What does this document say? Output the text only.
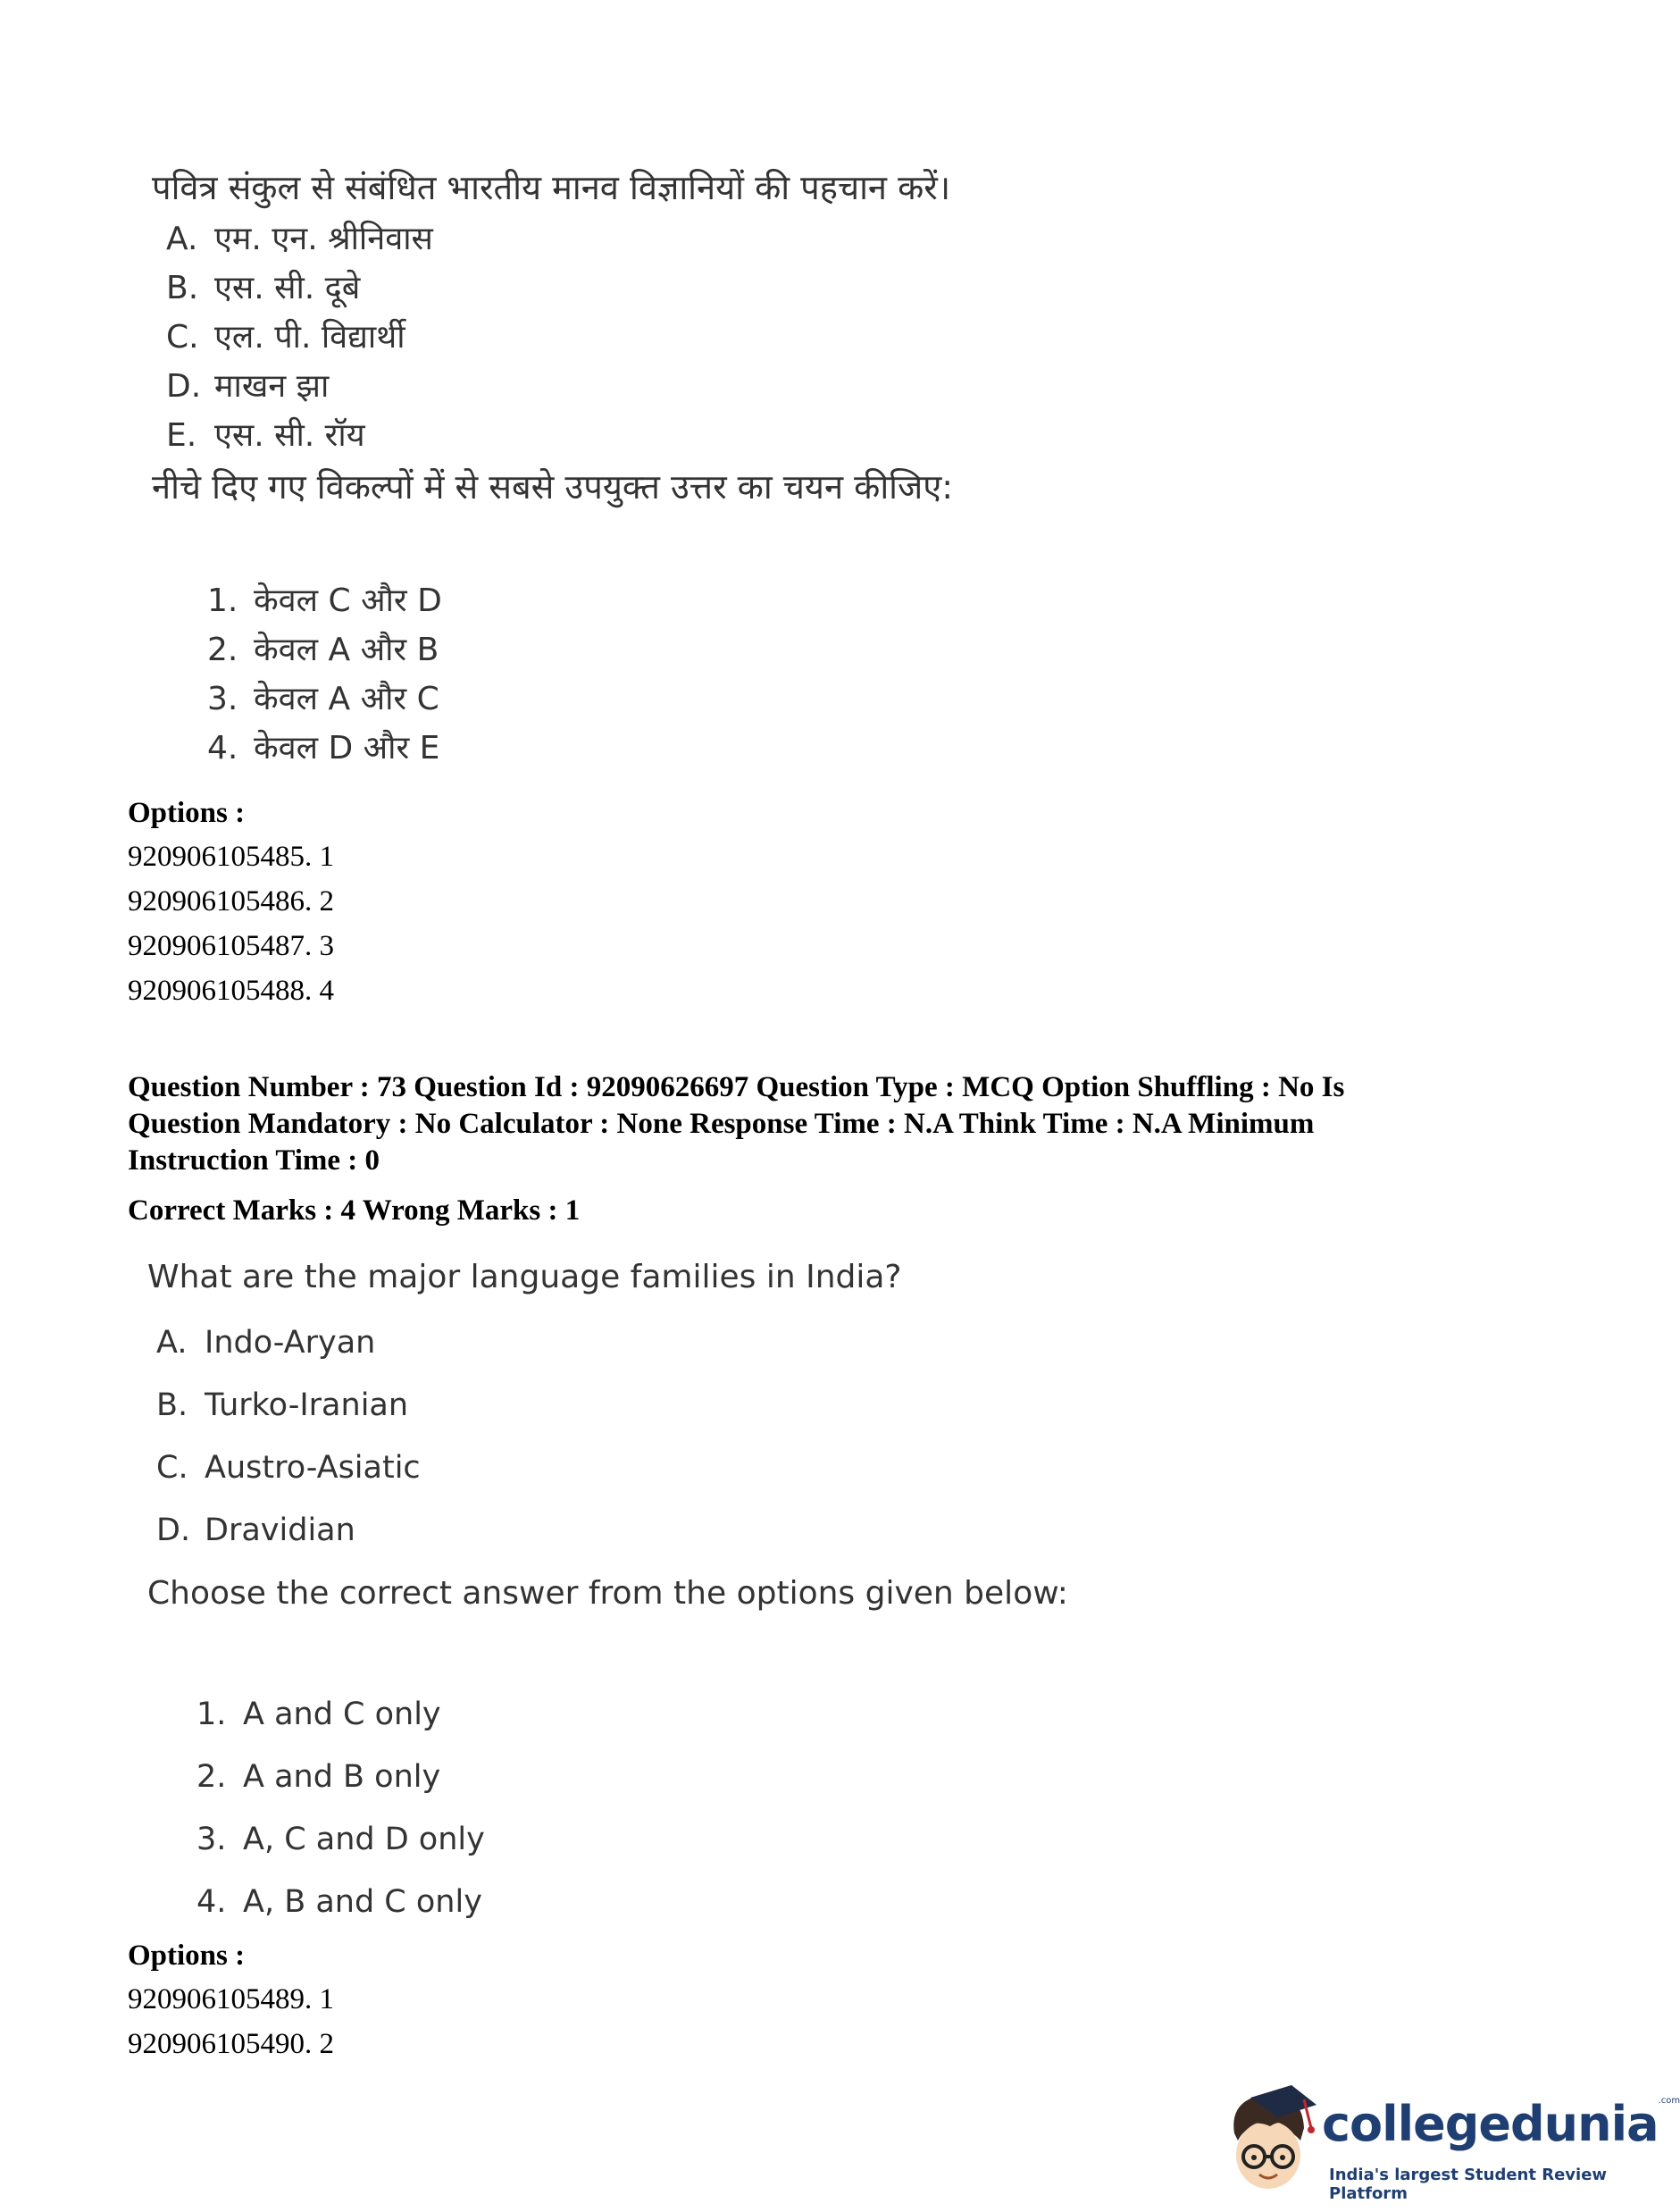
पवित्र संकुल से संबंधित भारतीय मानव विज्ञानियों की पहचान करें।

A. एम. एन. श्रीनिवास
B. एस. सी. दूबे
C. एल. पी. विद्यार्थी
D. माखन झा
E. एस. सी. रॉय

नीचे दिए गए विकल्पों में से सबसे उपयुक्त उत्तर का चयन कीजिए:

1. केवल C और D
2. केवल A और B
3. केवल A और C
4. केवल D और E
Options :
920906105485. 1
920906105486. 2
920906105487. 3
920906105488. 4
Question Number : 73 Question Id : 92090626697 Question Type : MCQ Option Shuffling : No Is
Question Mandatory : No Calculator : None Response Time : N.A Think Time : N.A Minimum
Instruction Time : 0
Correct Marks : 4 Wrong Marks : 1
What are the major language families in India?
A. Indo-Aryan
B. Turko-Iranian
C. Austro-Asiatic
D. Dravidian
Choose the correct answer from the options given below:
1. A and C only
2. A and B only
3. A, C and D only
4. A, B and C only
Options :
920906105489. 1
920906105490. 2
collegedunia$^{.com}$
India's largest Student Review Platform
